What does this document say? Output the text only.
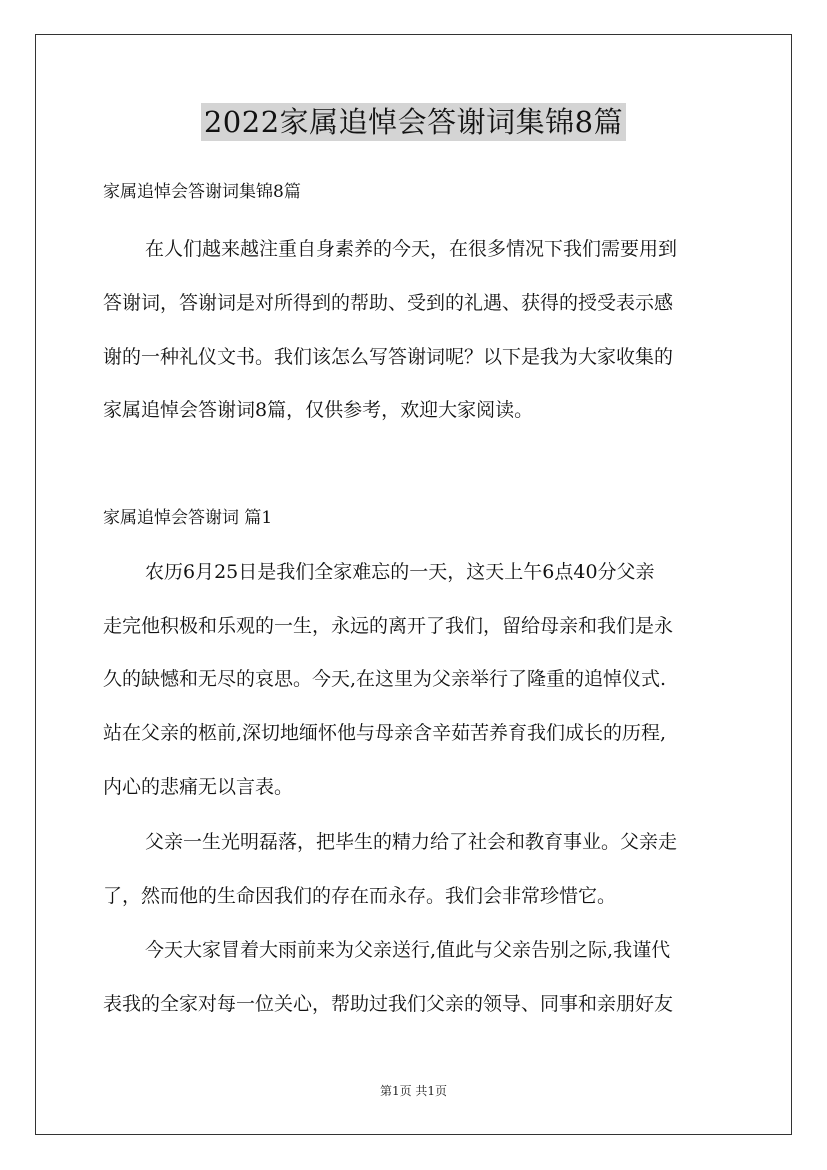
2022家属追悼会答谢词集锦8篇
家属追悼会答谢词集锦8篇
在人们越来越注重自身素养的今天，在很多情况下我们需要用到
答谢词，答谢词是对所得到的帮助、受到的礼遇、获得的授受表示感
谢的一种礼仪文书。我们该怎么写答谢词呢？以下是我为大家收集的
家属追悼会答谢词8篇，仅供参考，欢迎大家阅读。
家属追悼会答谢词 篇1
农历6月25日是我们全家难忘的一天，这天上午6点40分父亲
走完他积极和乐观的一生，永远的离开了我们，留给母亲和我们是永
久的缺憾和无尽的哀思。今天,在这里为父亲举行了隆重的追悼仪式.
站在父亲的柩前,深切地缅怀他与母亲含辛茹苦养育我们成长的历程,
内心的悲痛无以言表。
父亲一生光明磊落，把毕生的精力给了社会和教育事业。父亲走
了，然而他的生命因我们的存在而永存。我们会非常珍惜它。
今天大家冒着大雨前来为父亲送行,值此与父亲告别之际,我谨代
表我的全家对每一位关心，帮助过我们父亲的领导、同事和亲朋好友
第1页 共1页
